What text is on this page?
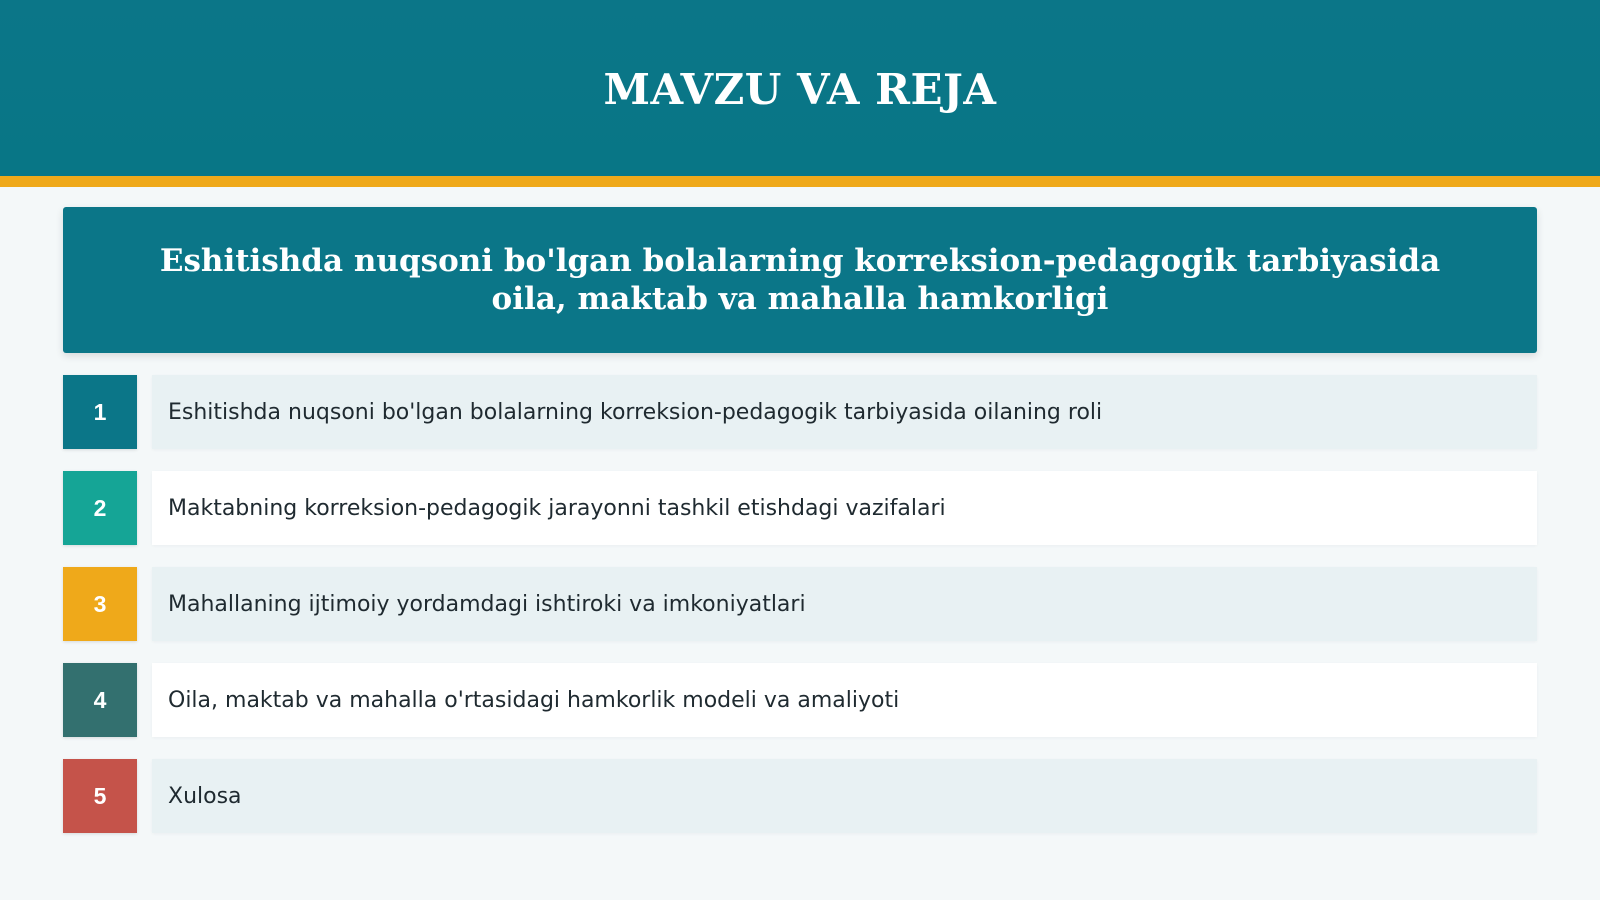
MAVZU VA REJA
Eshitishda nuqsoni bo'lgan bolalarning korreksion-pedagogik tarbiyasida oila, maktab va mahalla hamkorligi
1	Eshitishda nuqsoni bo'lgan bolalarning korreksion-pedagogik tarbiyasida oilaning roli
2	Maktabning korreksion-pedagogik jarayonni tashkil etishdagi vazifalari
3	Mahallaning ijtimoiy yordamdagi ishtiroki va imkoniyatlari
4	Oila, maktab va mahalla o'rtasidagi hamkorlik modeli va amaliyoti
5	Xulosa
